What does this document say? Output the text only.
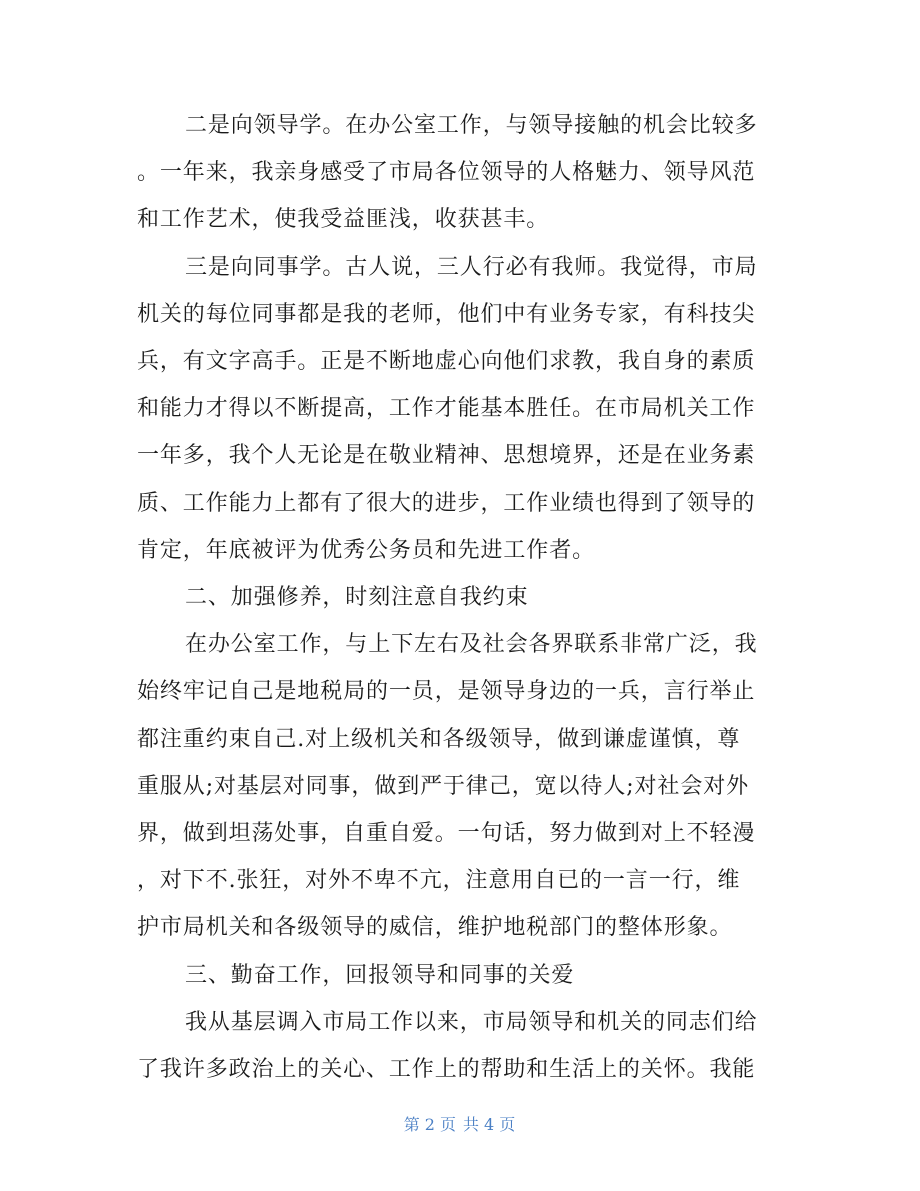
二是向领导学。在办公室工作，与领导接触的机会比较多
。一年来，我亲身感受了市局各位领导的人格魅力、领导风范
和工作艺术，使我受益匪浅，收获甚丰。
三是向同事学。古人说，三人行必有我师。我觉得，市局
机关的每位同事都是我的老师，他们中有业务专家，有科技尖
兵，有文字高手。正是不断地虚心向他们求教，我自身的素质
和能力才得以不断提高，工作才能基本胜任。在市局机关工作
一年多，我个人无论是在敬业精神、思想境界，还是在业务素
质、工作能力上都有了很大的进步，工作业绩也得到了领导的
肯定，年底被评为优秀公务员和先进工作者。
二、加强修养，时刻注意自我约束
在办公室工作，与上下左右及社会各界联系非常广泛，我
始终牢记自己是地税局的一员，是领导身边的一兵，言行举止
都注重约束自己.对上级机关和各级领导，做到谦虚谨慎，尊
重服从;对基层对同事，做到严于律己，宽以待人;对社会对外
界，做到坦荡处事，自重自爱。一句话，努力做到对上不轻漫
，对下不.张狂，对外不卑不亢，注意用自已的一言一行，维
护市局机关和各级领导的威信，维护地税部门的整体形象。
三、勤奋工作，回报领导和同事的关爱
我从基层调入市局工作以来，市局领导和机关的同志们给
了我许多政治上的关心、工作上的帮助和生活上的关怀。我能
第 2 页 共 4 页
